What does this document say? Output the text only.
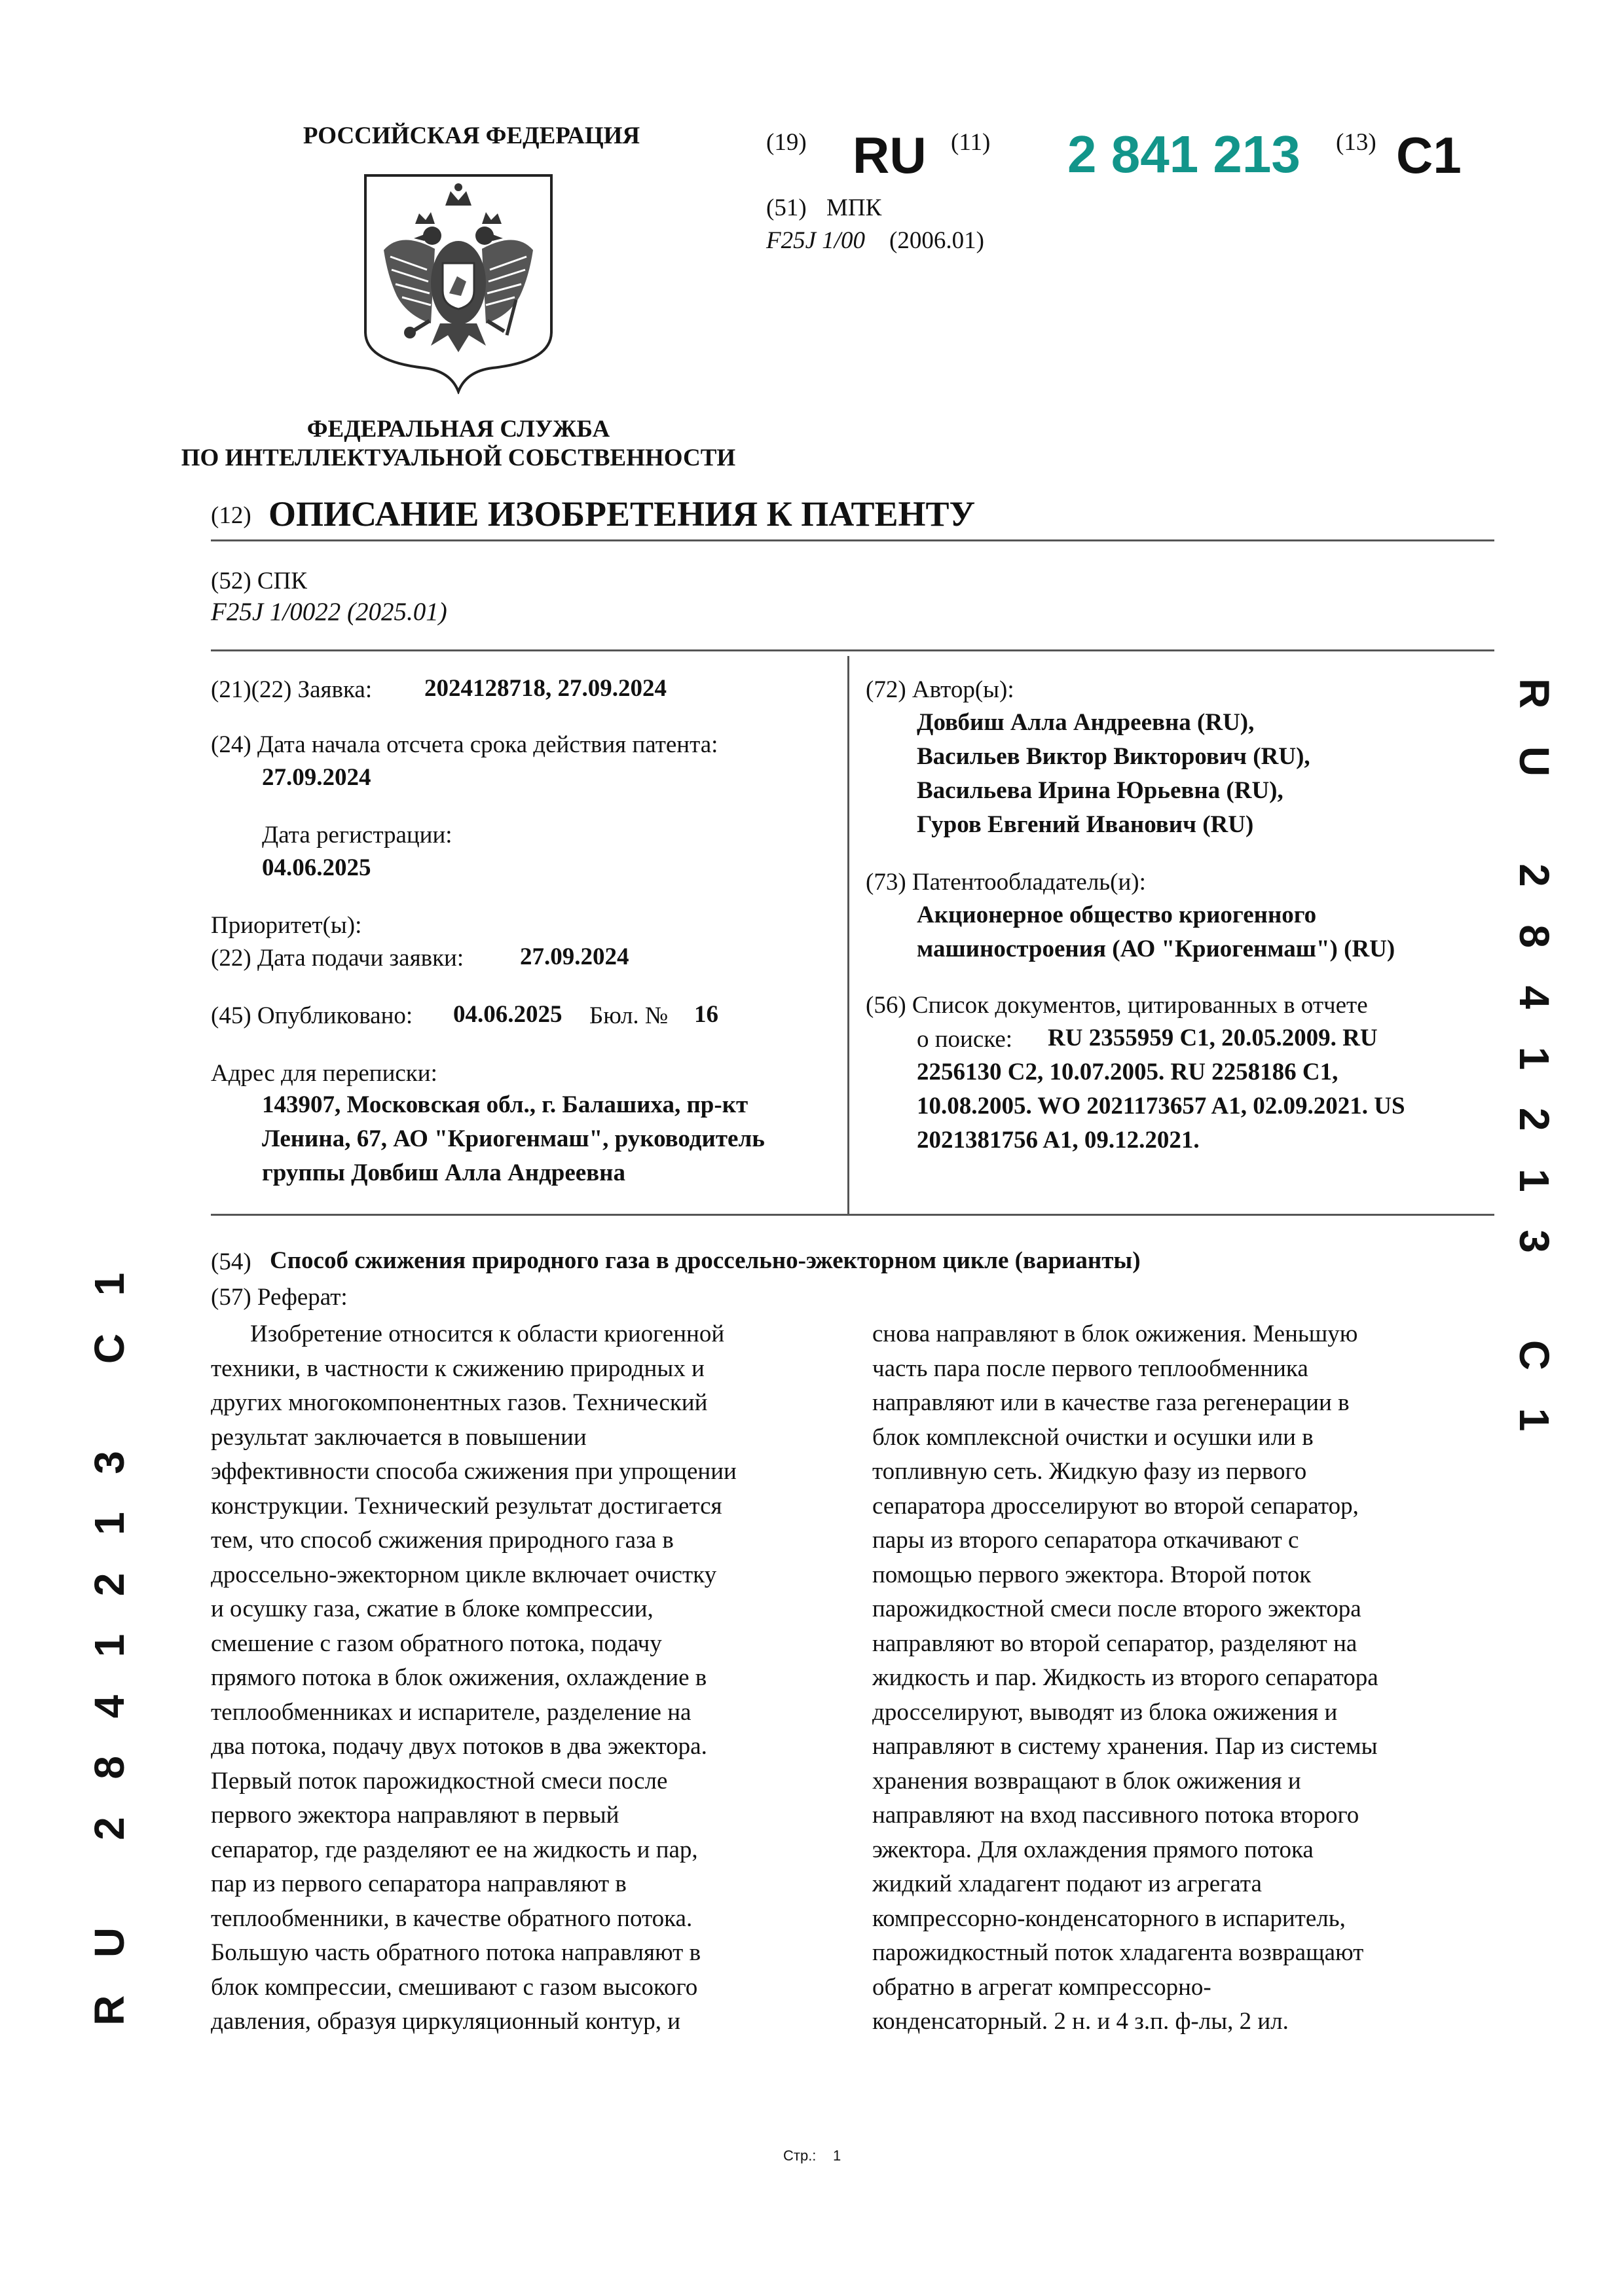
РОССИЙСКАЯ ФЕДЕРАЦИЯ
ФЕДЕРАЛЬНАЯ СЛУЖБА
ПО ИНТЕЛЛЕКТУАЛЬНОЙ СОБСТВЕННОСТИ
(19) RU (11) 2 841 213 (13) C1
(51) МПК
F25J 1/00 (2006.01)
(12) ОПИСАНИЕ ИЗОБРЕТЕНИЯ К ПАТЕНТУ
(52) СПК
F25J 1/0022 (2025.01)
(21)(22) Заявка: 2024128718, 27.09.2024
(24) Дата начала отсчета срока действия патента:
27.09.2024
Дата регистрации:
04.06.2025
Приоритет(ы):
(22) Дата подачи заявки: 27.09.2024
(45) Опубликовано: 04.06.2025 Бюл. № 16
Адрес для переписки:
143907, Московская обл., г. Балашиха, пр-кт
Ленина, 67, АО "Криогенмаш", руководитель
группы Довбиш Алла Андреевна
(72) Автор(ы):
Довбиш Алла Андреевна (RU),
Васильев Виктор Викторович (RU),
Васильева Ирина Юрьевна (RU),
Гуров Евгений Иванович (RU)
(73) Патентообладатель(и):
Акционерное общество криогенного
машиностроения (АО "Криогенмаш") (RU)
(56) Список документов, цитированных в отчете
о поиске: RU 2355959 C1, 20.05.2009. RU
2256130 C2, 10.07.2005. RU 2258186 C1,
10.08.2005. WO 2021173657 A1, 02.09.2021. US
2021381756 A1, 09.12.2021.
(54) Способ сжижения природного газа в дроссельно-эжекторном цикле (варианты)
(57) Реферат:
Изобретение относится к области криогенной
техники, в частности к сжижению природных и
других многокомпонентных газов. Технический
результат заключается в повышении
эффективности способа сжижения при упрощении
конструкции. Технический результат достигается
тем, что способ сжижения природного газа в
дроссельно-эжекторном цикле включает очистку
и осушку газа, сжатие в блоке компрессии,
смешение с газом обратного потока, подачу
прямого потока в блок ожижения, охлаждение в
теплообменниках и испарителе, разделение на
два потока, подачу двух потоков в два эжектора.
Первый поток парожидкостной смеси после
первого эжектора направляют в первый
сепаратор, где разделяют ее на жидкость и пар,
пар из первого сепаратора направляют в
теплообменники, в качестве обратного потока.
Большую часть обратного потока направляют в
блок компрессии, смешивают с газом высокого
давления, образуя циркуляционный контур, и
снова направляют в блок ожижения. Меньшую
часть пара после первого теплообменника
направляют или в качестве газа регенерации в
блок комплексной очистки и осушки или в
топливную сеть. Жидкую фазу из первого
сепаратора дросселируют во второй сепаратор,
пары из второго сепаратора откачивают с
помощью первого эжектора. Второй поток
парожидкостной смеси после второго эжектора
направляют во второй сепаратор, разделяют на
жидкость и пар. Жидкость из второго сепаратора
дросселируют, выводят из блока ожижения и
направляют в систему хранения. Пар из системы
хранения возвращают в блок ожижения и
направляют на вход пассивного потока второго
эжектора. Для охлаждения прямого потока
жидкий хладагент подают из агрегата
компрессорно-конденсаторного в испаритель,
парожидкостный поток хладагента возвращают
обратно в агрегат компрессорно-
конденсаторный. 2 н. и 4 з.п. ф-лы, 2 ил.
RU 2841213 C1
RU 2841213 C1
Стр.: 1
